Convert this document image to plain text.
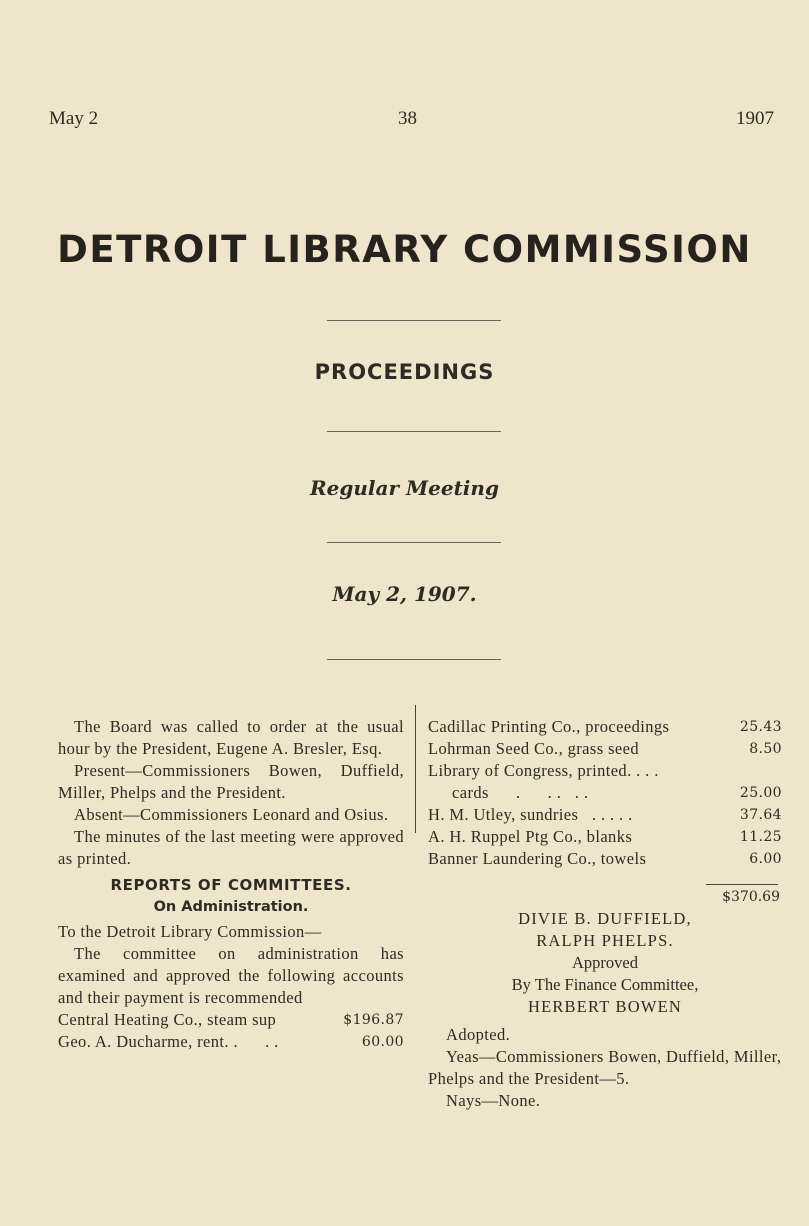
May 2	38	1907
DETROIT LIBRARY COMMISSION
PROCEEDINGS
Regular Meeting
May 2, 1907.

The Board was called to order at the usual hour by the President, Eugene A. Bresler, Esq.

Present—Commissioners Bowen, Duffield, Miller, Phelps and the President.

Absent—Commissioners Leonard and Osius.

The minutes of the last meeting were approved as printed.

REPORTS OF COMMITTEES.
On Administration.

To the Detroit Library Commission—

The committee on administration has examined and approved the following accounts and their payment is recommended

Central Heating Co., steam sup	$196.87
Geo. A. Ducharme, rent. .      . .	60.00
Cadillac Printing Co., proceedings	25.43
Lohrman Seed Co., grass seed	8.50
Library of Congress, printed. . . .
cards      .      . .   . .	25.00
H. M. Utley, sundries   . . . . .	37.64
A. H. Ruppel Ptg Co., blanks	11.25
Banner Laundering Co., towels	6.00
$370.69
DIVIE B. DUFFIELD,
RALPH PHELPS.
Approved
By The Finance Committee,
HERBERT BOWEN

Adopted.

Yeas—Commissioners Bowen, Duffield, Miller, Phelps and the President—5.

Nays—None.
